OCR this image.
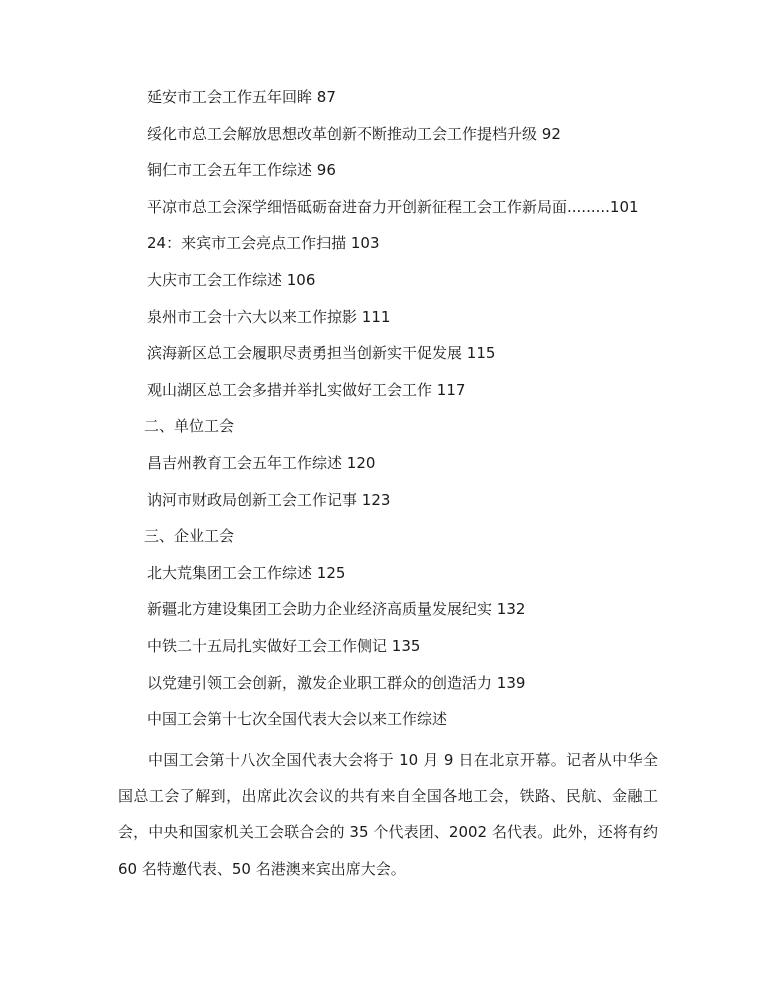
延安市工会工作五年回眸 87
绥化市总工会解放思想改革创新不断推动工会工作提档升级 92
铜仁市工会五年工作综述 96
平凉市总工会深学细悟砥砺奋进奋力开创新征程工会工作新局面.........101
24：来宾市工会亮点工作扫描 103
大庆市工会工作综述 106
泉州市工会十六大以来工作掠影 111
滨海新区总工会履职尽责勇担当创新实干促发展 115
观山湖区总工会多措并举扎实做好工会工作 117
二、单位工会
昌吉州教育工会五年工作综述 120
讷河市财政局创新工会工作记事 123
三、企业工会
北大荒集团工会工作综述 125
新疆北方建设集团工会助力企业经济高质量发展纪实 132
中铁二十五局扎实做好工会工作侧记 135
以党建引领工会创新，激发企业职工群众的创造活力 139
中国工会第十七次全国代表大会以来工作综述

中国工会第十八次全国代表大会将于 10 月 9 日在北京开幕。记者从中华全国总工会了解到，出席此次会议的共有来自全国各地工会，铁路、民航、金融工会，中央和国家机关工会联合会的 35 个代表团、2002 名代表。此外，还将有约 60 名特邀代表、50 名港澳来宾出席大会。
